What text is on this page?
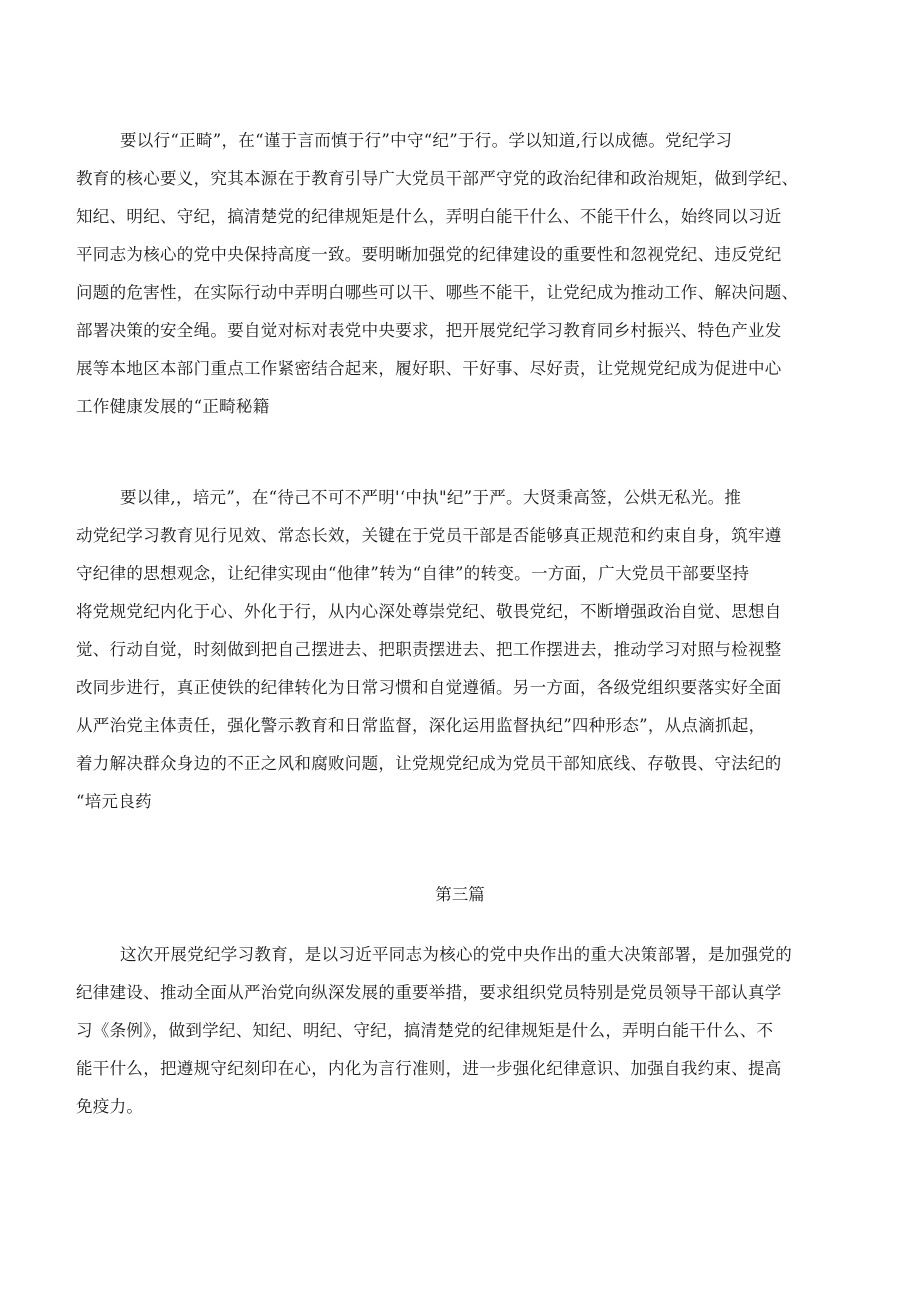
要以行“正畸”，在“谨于言而慎于行”中守“纪”于行。学以知道,行以成德。党纪学习
教育的核心要义，究其本源在于教育引导广大党员干部严守党的政治纪律和政治规矩，做到学纪、
知纪、明纪、守纪，搞清楚党的纪律规矩是什么，弄明白能干什么、不能干什么，始终同以习近
平同志为核心的党中央保持高度一致。要明晰加强党的纪律建设的重要性和忽视党纪、违反党纪
问题的危害性，在实际行动中弄明白哪些可以干、哪些不能干，让党纪成为推动工作、解决问题、
部署决策的安全绳。要自觉对标对表党中央要求，把开展党纪学习教育同乡村振兴、特色产业发
展等本地区本部门重点工作紧密结合起来，履好职、干好事、尽好责，让党规党纪成为促进中心
工作健康发展的“正畸秘籍
要以律,，培元”，在“待己不可不严明'‘中执"纪”于严。大贤秉高签，公烘无私光。推
动党纪学习教育见行见效、常态长效，关键在于党员干部是否能够真正规范和约束自身，筑牢遵
守纪律的思想观念，让纪律实现由“他律”转为“自律”的转变。一方面，广大党员干部要坚持
将党规党纪内化于心、外化于行，从内心深处尊崇党纪、敬畏党纪，不断增强政治自觉、思想自
觉、行动自觉，时刻做到把自己摆进去、把职责摆进去、把工作摆进去，推动学习对照与检视整
改同步进行，真正使铁的纪律转化为日常习惯和自觉遵循。另一方面，各级党组织要落实好全面
从严治党主体责任，强化警示教育和日常监督，深化运用监督执纪”四种形态”，从点滴抓起，
着力解决群众身边的不正之风和腐败问题，让党规党纪成为党员干部知底线、存敬畏、守法纪的
“培元良药
第三篇
这次开展党纪学习教育，是以习近平同志为核心的党中央作出的重大决策部署，是加强党的
纪律建设、推动全面从严治党向纵深发展的重要举措，要求组织党员特别是党员领导干部认真学
习《条例》，做到学纪、知纪、明纪、守纪，搞清楚党的纪律规矩是什么，弄明白能干什么、不
能干什么，把遵规守纪刻印在心，内化为言行准则，进一步强化纪律意识、加强自我约束、提高
免疫力。
